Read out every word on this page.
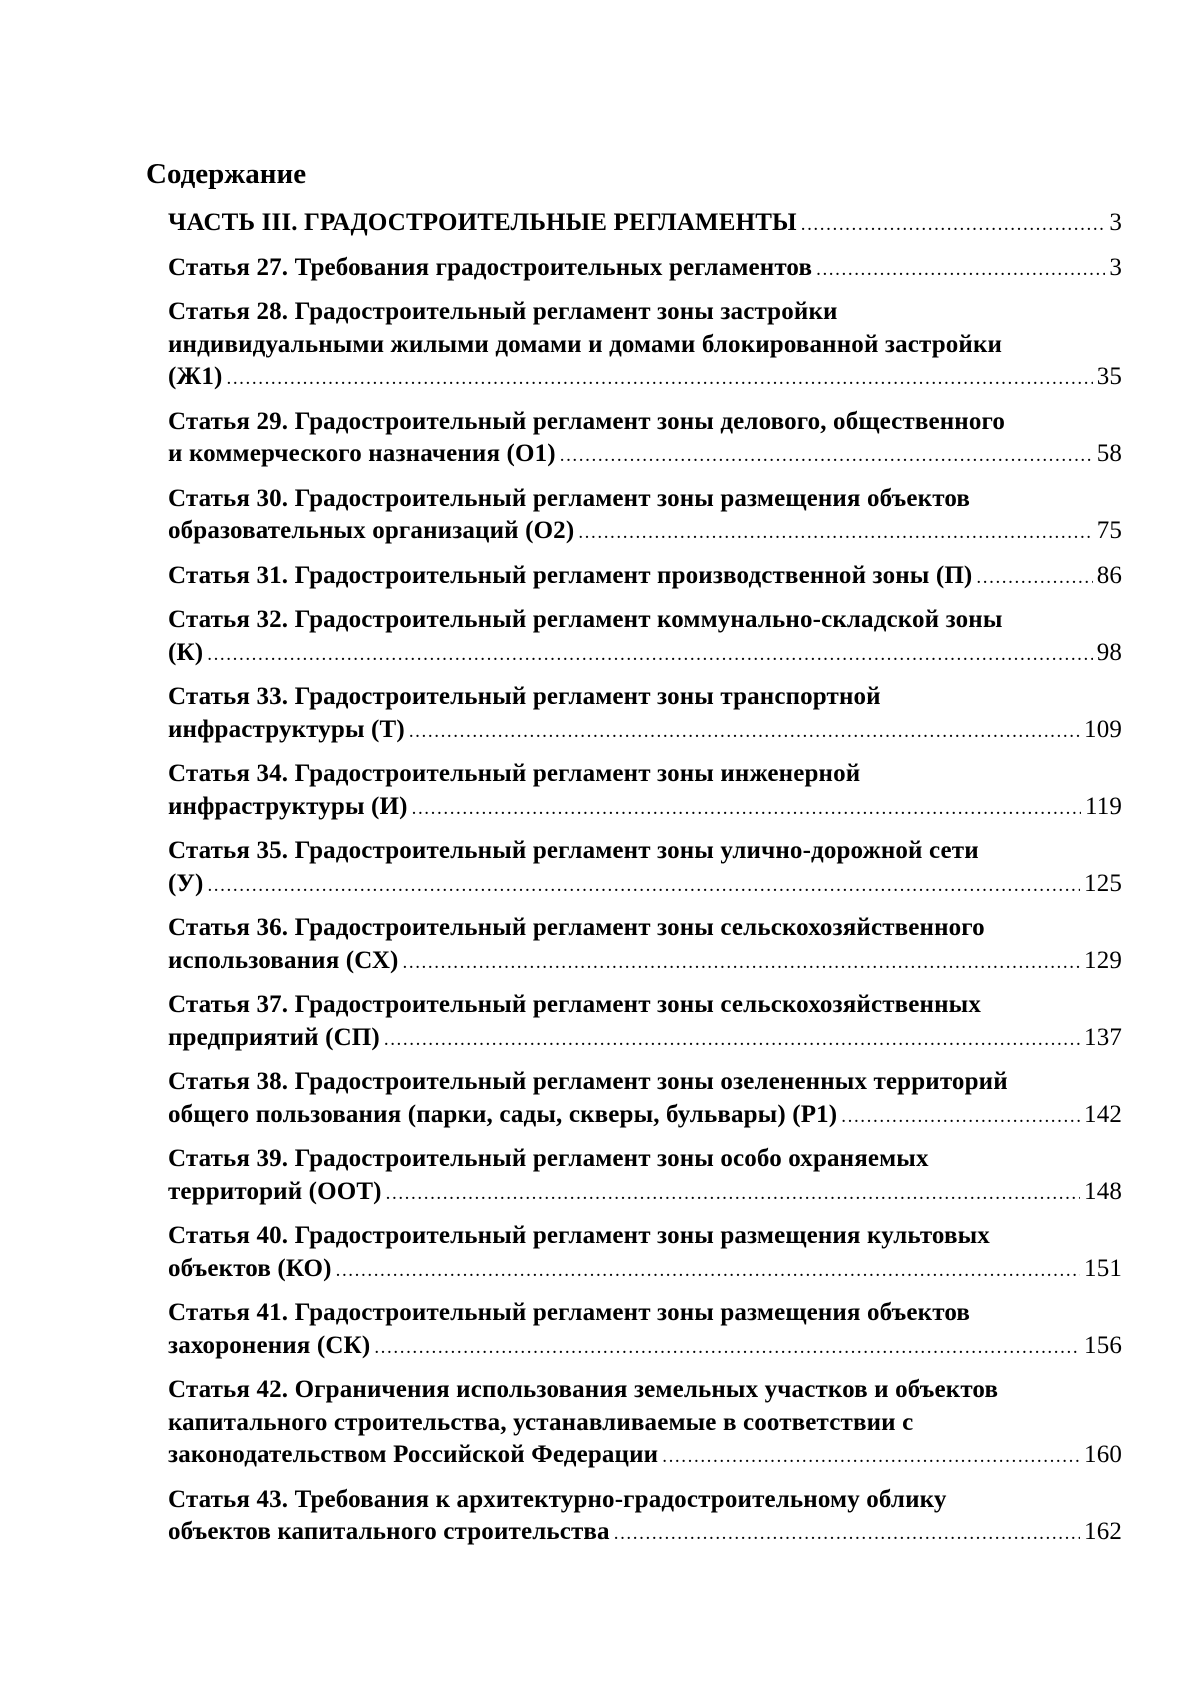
Содержание
ЧАСТЬ III. ГРАДОСТРОИТЕЛЬНЫЕ РЕГЛАМЕНТЫ .....	3
Статья 27. Требования градостроительных регламентов .....	3
Статья 28. Градостроительный регламент зоны застройки
индивидуальными жилыми домами и домами блокированной застройки
(Ж1) .....	35
Статья 29. Градостроительный регламент зоны делового, общественного
и коммерческого назначения (О1) .....	58
Статья 30. Градостроительный регламент зоны размещения объектов
образовательных организаций (О2) .....	75
Статья 31. Градостроительный регламент производственной зоны (П) .....	86
Статья 32. Градостроительный регламент коммунально-складской зоны
(К) .....	98
Статья 33. Градостроительный регламент зоны транспортной
инфраструктуры (Т) .....	109
Статья 34. Градостроительный регламент зоны инженерной
инфраструктуры (И) .....	119
Статья 35. Градостроительный регламент зоны улично-дорожной сети
(У) .....	125
Статья 36. Градостроительный регламент зоны сельскохозяйственного
использования (СХ) .....	129
Статья 37. Градостроительный регламент зоны сельскохозяйственных
предприятий (СП) .....	137
Статья 38. Градостроительный регламент зоны озелененных территорий
общего пользования (парки, сады, скверы, бульвары) (Р1) .....	142
Статья 39. Градостроительный регламент зоны особо охраняемых
территорий (ООТ) .....	148
Статья 40. Градостроительный регламент зоны размещения культовых
объектов (КО) .....	151
Статья 41. Градостроительный регламент зоны размещения объектов
захоронения (СК) .....	156
Статья 42. Ограничения использования земельных участков и объектов
капитального строительства, устанавливаемые в соответствии с
законодательством Российской Федерации .....	160
Статья 43. Требования к архитектурно-градостроительному облику
объектов капитального строительства .....	162
